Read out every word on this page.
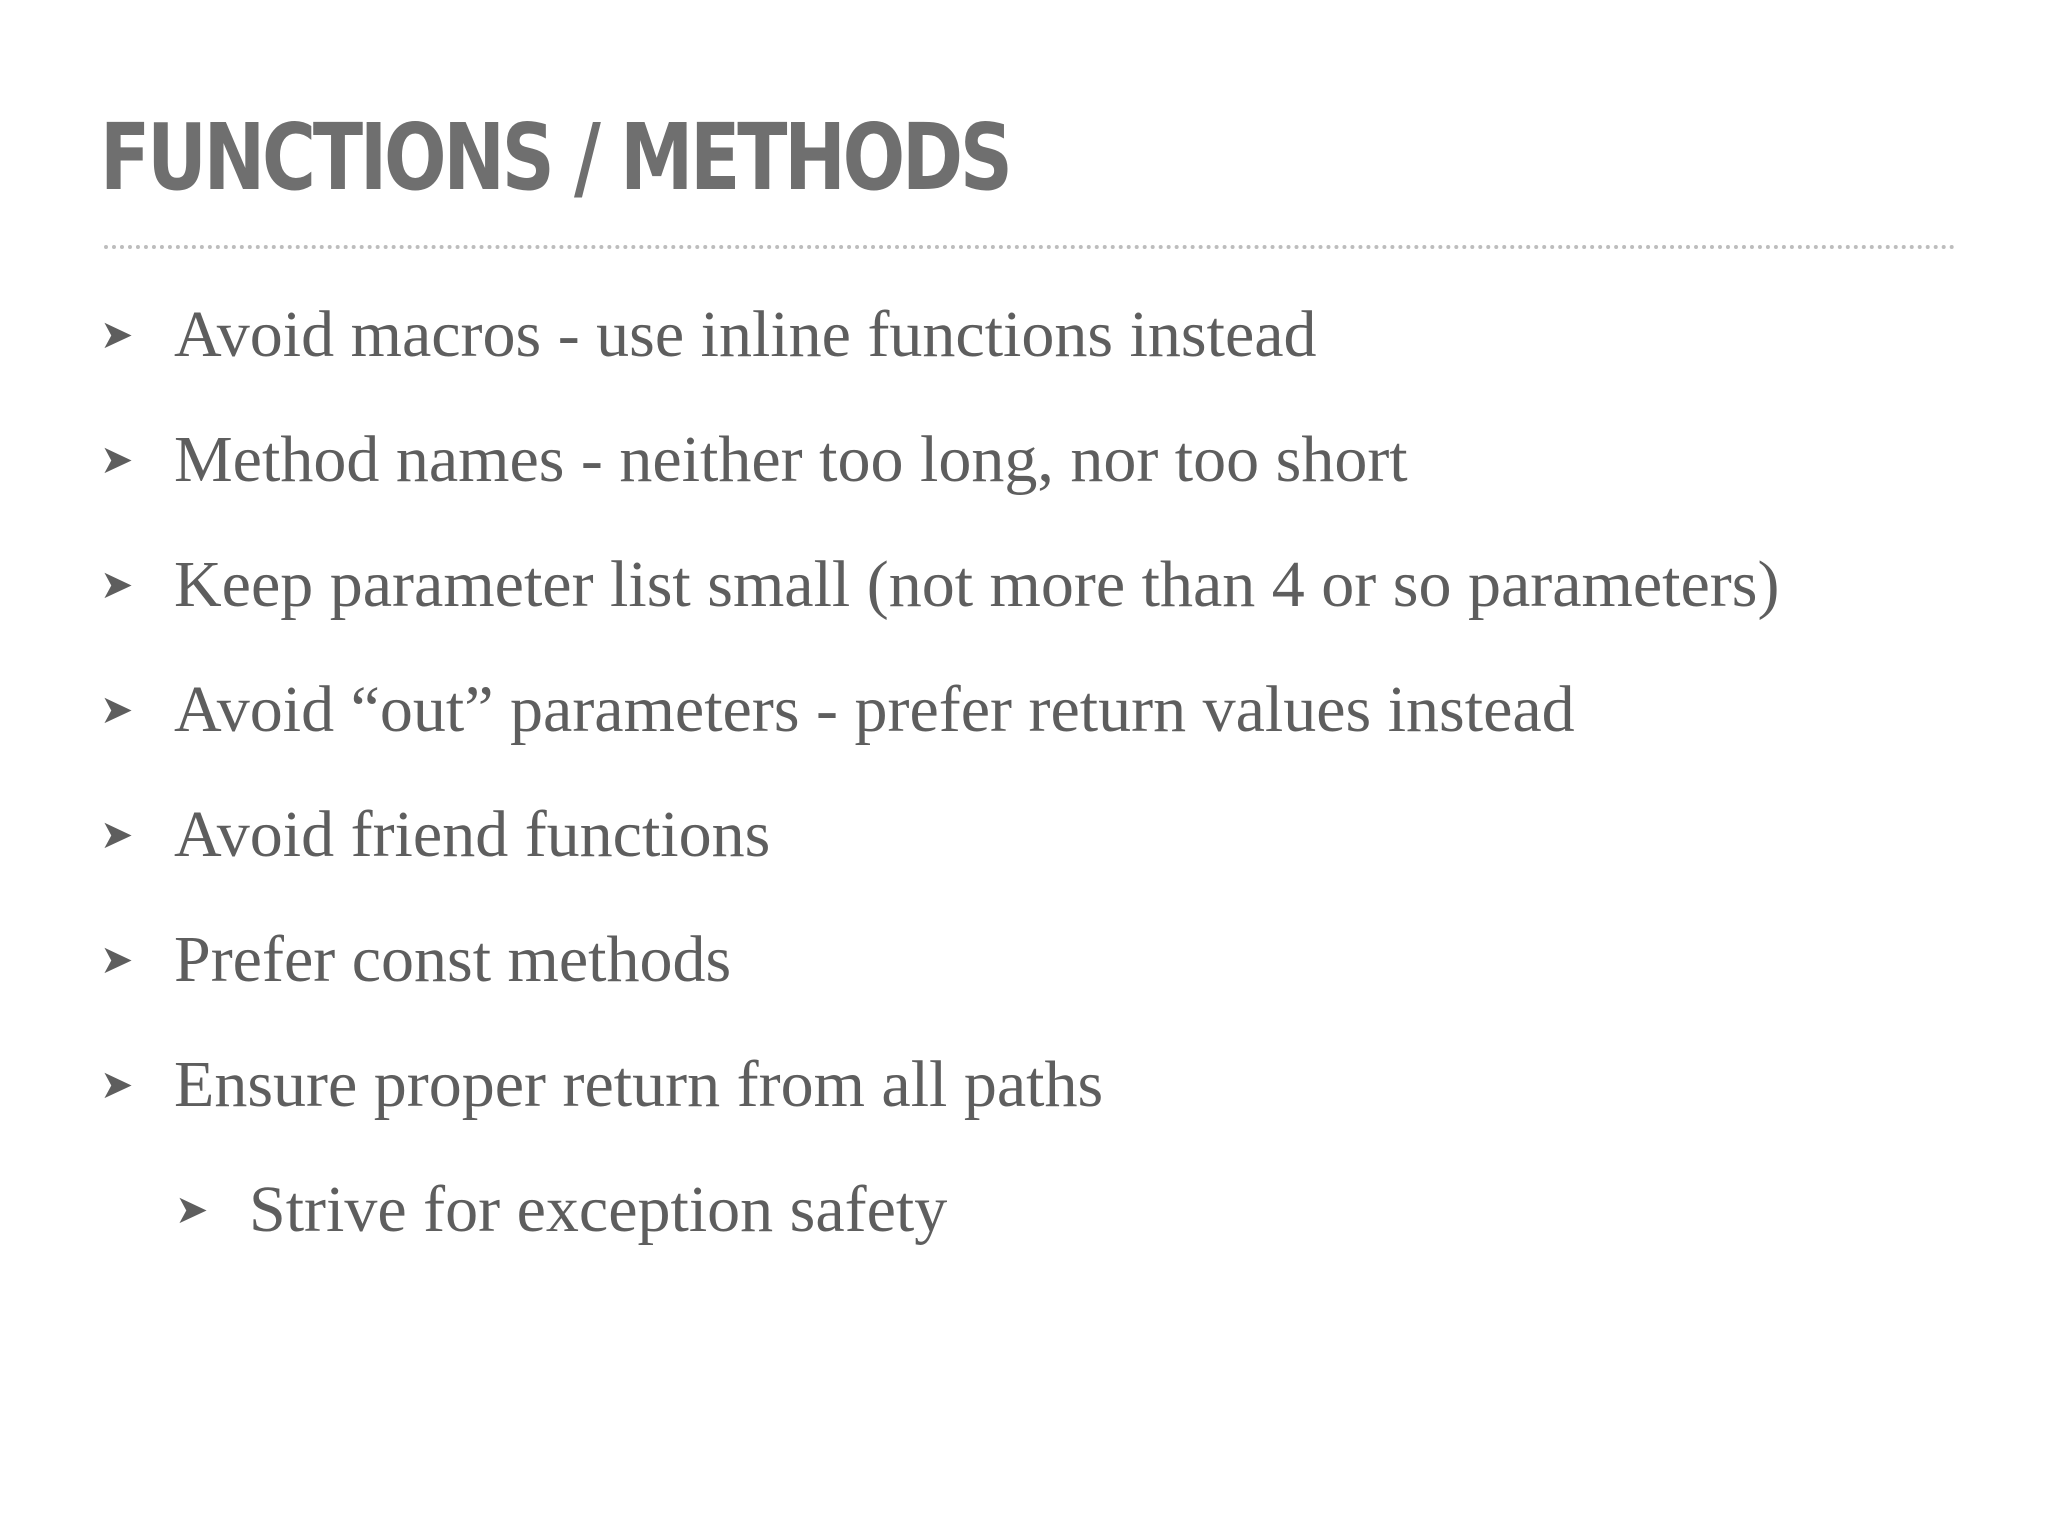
FUNCTIONS / METHODS
➤ Avoid macros - use inline functions instead
➤ Method names - neither too long, nor too short
➤ Keep parameter list small (not more than 4 or so parameters)
➤ Avoid “out” parameters - prefer return values instead
➤ Avoid friend functions
➤ Prefer const methods
➤ Ensure proper return from all paths
➤ Strive for exception safety
